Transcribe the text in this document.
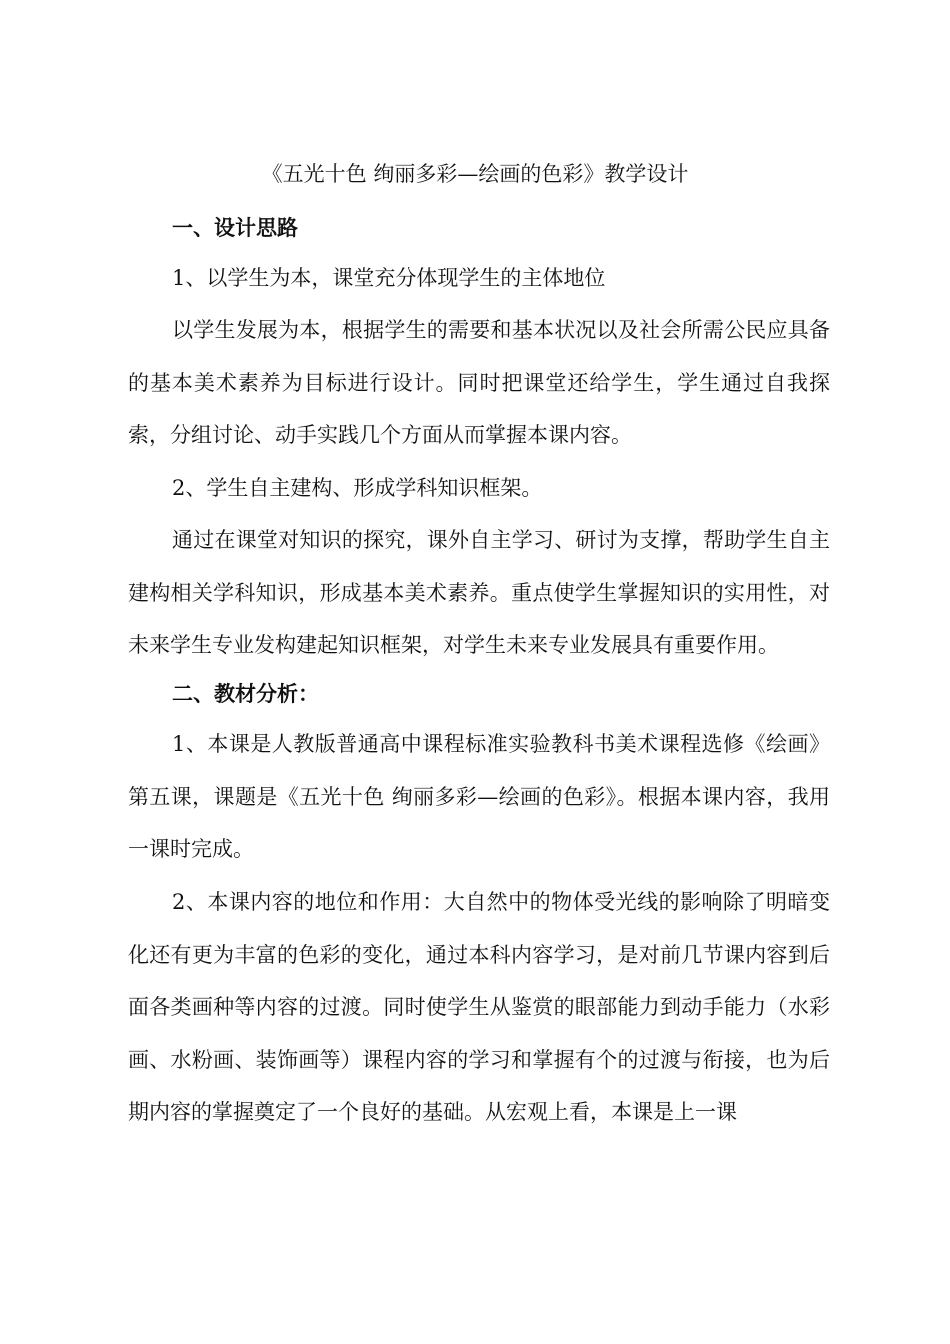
《五光十色 绚丽多彩—绘画的色彩》教学设计
一、设计思路

1、以学生为本，课堂充分体现学生的主体地位

以学生发展为本，根据学生的需要和基本状况以及社会所需公民应具备的基本美术素养为目标进行设计。同时把课堂还给学生，学生通过自我探索，分组讨论、动手实践几个方面从而掌握本课内容。

2、学生自主建构、形成学科知识框架。

通过在课堂对知识的探究，课外自主学习、研讨为支撑，帮助学生自主建构相关学科知识，形成基本美术素养。重点使学生掌握知识的实用性，对未来学生专业发构建起知识框架，对学生未来专业发展具有重要作用。

二、教材分析：

1、本课是人教版普通高中课程标准实验教科书美术课程选修《绘画》第五课，课题是《五光十色 绚丽多彩—绘画的色彩》。根据本课内容，我用一课时完成。

2、本课内容的地位和作用：大自然中的物体受光线的影响除了明暗变化还有更为丰富的色彩的变化，通过本科内容学习，是对前几节课内容到后面各类画种等内容的过渡。同时使学生从鉴赏的眼部能力到动手能力（水彩画、水粉画、装饰画等）课程内容的学习和掌握有个的过渡与衔接，也为后期内容的掌握奠定了一个良好的基础。从宏观上看，本课是上一课
